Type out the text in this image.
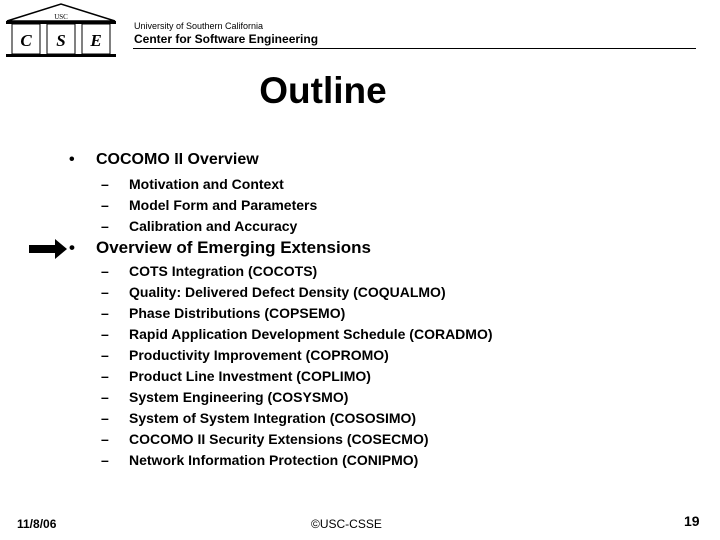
USC
C S E
University of Southern California
Center for Software Engineering
Outline
• COCOMO II Overview
– Motivation and Context
– Model Form and Parameters
– Calibration and Accuracy
• Overview of Emerging Extensions
– COTS Integration (COCOTS)
– Quality: Delivered Defect Density (COQUALMO)
– Phase Distributions (COPSEMO)
– Rapid Application Development Schedule (CORADMO)
– Productivity Improvement (COPROMO)
– Product Line Investment (COPLIMO)
– System Engineering (COSYSMO)
– System of System Integration (COSOSIMO)
– COCOMO II Security Extensions (COSECMO)
– Network Information Protection (CONIPMO)
11/8/06	©USC-CSSE	19
